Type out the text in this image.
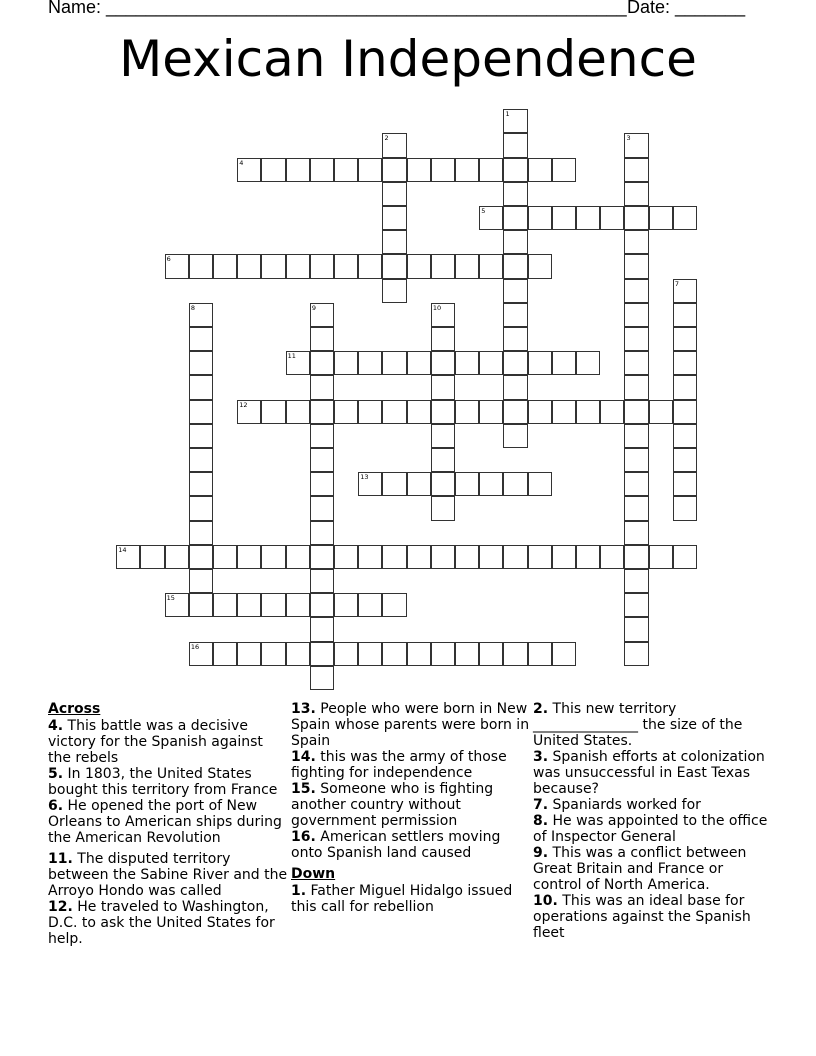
Name: ____________________________________________________ Date: _______
Mexican Independence
1
2	3
4
5
6
7
8	9	10
11
12
13
14
15
16
Across
4. This battle was a decisive victory for the Spanish against the rebels
5. In 1803, the United States bought this territory from France
6. He opened the port of New Orleans to American ships during the American Revolution
11. The disputed territory between the Sabine River and the Arroyo Hondo was called
12. He traveled to Washington, D.C. to ask the United States for help.
13. People who were born in New Spain whose parents were born in Spain
14. this was the army of those fighting for independence
15. Someone who is fighting another country without government permission
16. American settlers moving onto Spanish land caused
Down
1. Father Miguel Hidalgo issued this call for rebellion
2. This new territory _______________ the size of the United States.
3. Spanish efforts at colonization was unsuccessful in East Texas because?
7. Spaniards worked for
8. He was appointed to the office of Inspector General
9. This was a conflict between Great Britain and France or control of North America.
10. This was an ideal base for operations against the Spanish fleet
